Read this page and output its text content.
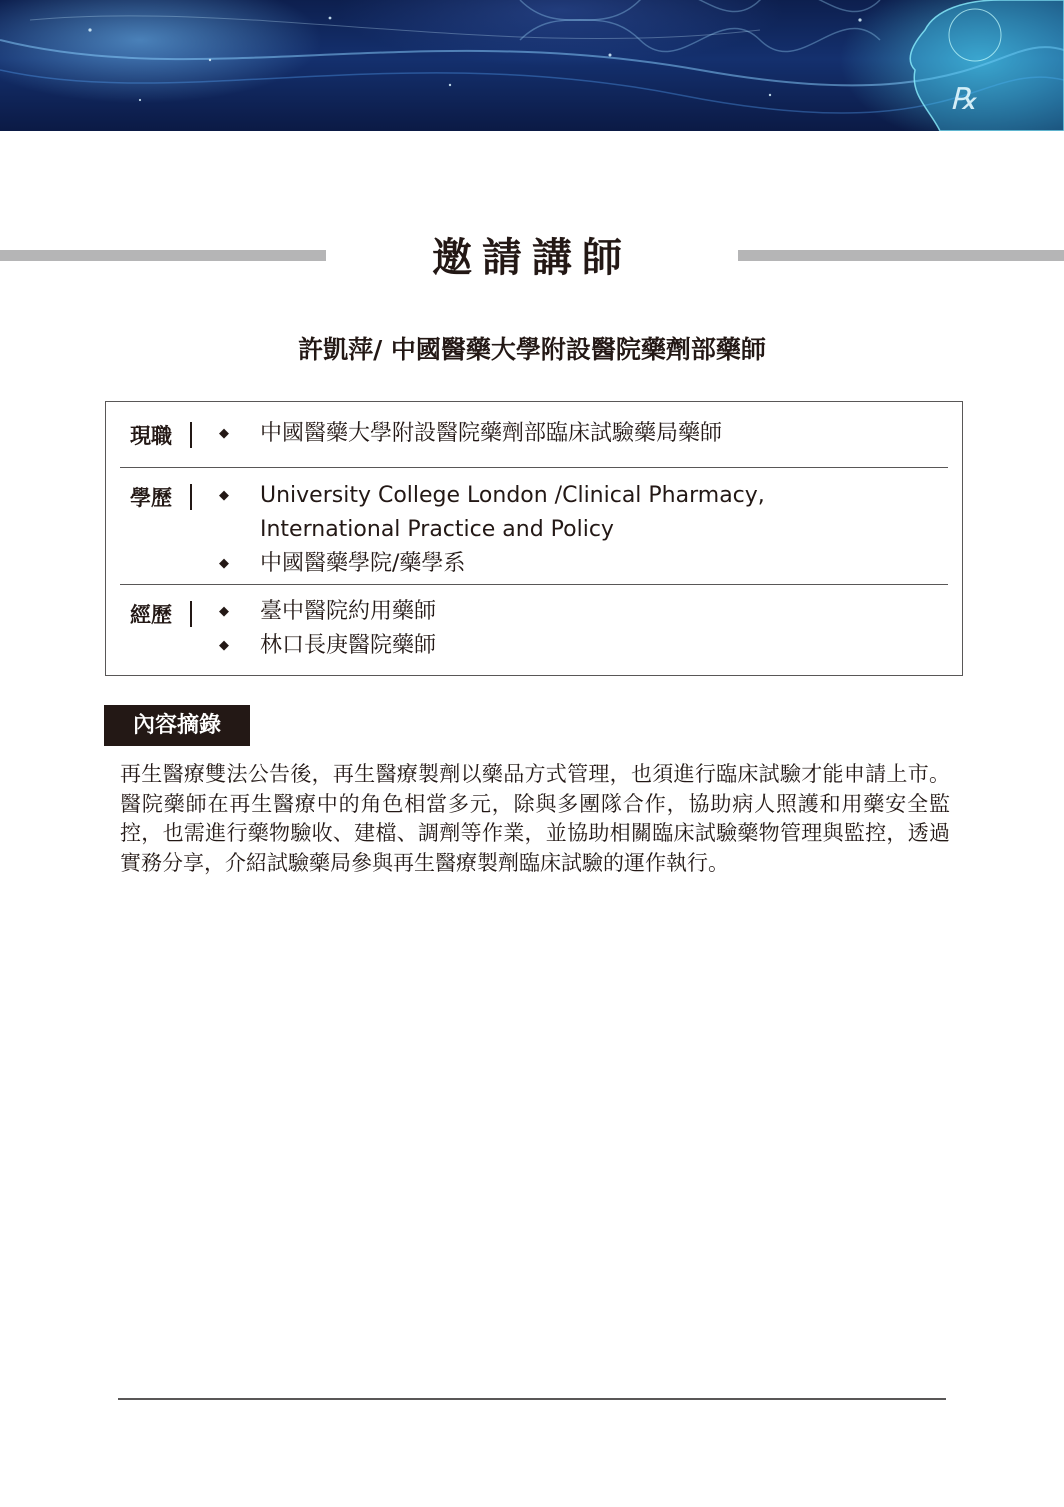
℞
邀請講師
許凱萍/ 中國醫藥大學附設醫院藥劑部藥師
現職	◆ 中國醫藥大學附設醫院藥劑部臨床試驗藥局藥師
學歷	◆ University College London /Clinical Pharmacy,
International Practice and Policy
◆ 中國醫藥學院/藥學系
經歷	◆ 臺中醫院約用藥師
◆ 林口長庚醫院藥師
內容摘錄
再生醫療雙法公告後，再生醫療製劑以藥品方式管理，也須進行臨床試驗才能申請上市。醫院藥師在再生醫療中的角色相當多元，除與多團隊合作，協助病人照護和用藥安全監控，也需進行藥物驗收、建檔、調劑等作業，並協助相關臨床試驗藥物管理與監控，透過實務分享，介紹試驗藥局參與再生醫療製劑臨床試驗的運作執行。
